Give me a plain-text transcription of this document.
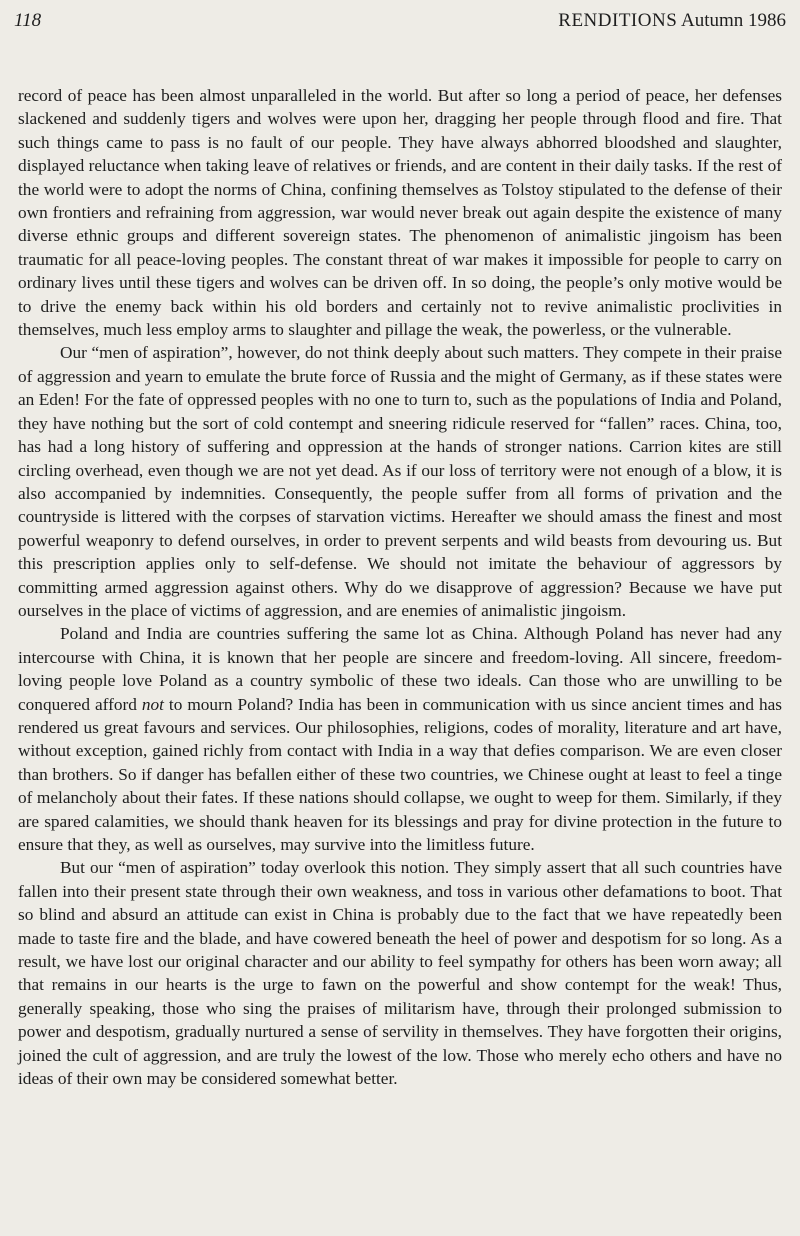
118	RENDITIONS Autumn 1986

record of peace has been almost unparalleled in the world. But after so long a period of peace, her defenses slackened and suddenly tigers and wolves were upon her, dragging her people through flood and fire. That such things came to pass is no fault of our people. They have always abhorred bloodshed and slaughter, displayed reluctance when taking leave of relatives or friends, and are content in their daily tasks. If the rest of the world were to adopt the norms of China, confining themselves as Tolstoy stipulated to the defense of their own frontiers and refraining from aggression, war would never break out again despite the existence of many diverse ethnic groups and different sovereign states. The phenomenon of animalistic jingoism has been traumatic for all peace-loving peoples. The constant threat of war makes it impossible for people to carry on ordinary lives until these tigers and wolves can be driven off. In so doing, the people’s only motive would be to drive the enemy back within his old borders and certainly not to revive animalistic proclivities in themselves, much less employ arms to slaughter and pillage the weak, the powerless, or the vulnerable.

Our “men of aspiration”, however, do not think deeply about such matters. They compete in their praise of aggression and yearn to emulate the brute force of Russia and the might of Germany, as if these states were an Eden! For the fate of oppressed peoples with no one to turn to, such as the populations of India and Poland, they have nothing but the sort of cold contempt and sneering ridicule reserved for “fallen” races. China, too, has had a long history of suffering and oppression at the hands of stronger nations. Carrion kites are still circling overhead, even though we are not yet dead. As if our loss of territory were not enough of a blow, it is also accompanied by indemnities. Consequently, the people suffer from all forms of privation and the countryside is littered with the corpses of starvation victims. Hereafter we should amass the finest and most powerful weaponry to defend ourselves, in order to prevent serpents and wild beasts from devouring us. But this prescription applies only to self-defense. We should not imitate the behaviour of aggressors by committing armed aggression against others. Why do we disapprove of aggression? Because we have put ourselves in the place of victims of aggression, and are enemies of animalistic jingoism.

Poland and India are countries suffering the same lot as China. Although Poland has never had any intercourse with China, it is known that her people are sincere and freedom-loving. All sincere, freedom-loving people love Poland as a country symbolic of these two ideals. Can those who are unwilling to be conquered afford not to mourn Poland? India has been in communication with us since ancient times and has rendered us great favours and services. Our philosophies, religions, codes of morality, literature and art have, without exception, gained richly from contact with India in a way that defies comparison. We are even closer than brothers. So if danger has befallen either of these two countries, we Chinese ought at least to feel a tinge of melancholy about their fates. If these nations should collapse, we ought to weep for them. Similarly, if they are spared calamities, we should thank heaven for its blessings and pray for divine protection in the future to ensure that they, as well as ourselves, may survive into the limitless future.

But our “men of aspiration” today overlook this notion. They simply assert that all such countries have fallen into their present state through their own weakness, and toss in various other defamations to boot. That so blind and absurd an attitude can exist in China is probably due to the fact that we have repeatedly been made to taste fire and the blade, and have cowered beneath the heel of power and despotism for so long. As a result, we have lost our original character and our ability to feel sympathy for others has been worn away; all that remains in our hearts is the urge to fawn on the powerful and show contempt for the weak! Thus, generally speaking, those who sing the praises of militarism have, through their prolonged submission to power and despotism, gradually nurtured a sense of servility in themselves. They have forgotten their origins, joined the cult of aggression, and are truly the lowest of the low. Those who merely echo others and have no ideas of their own may be considered somewhat better.
